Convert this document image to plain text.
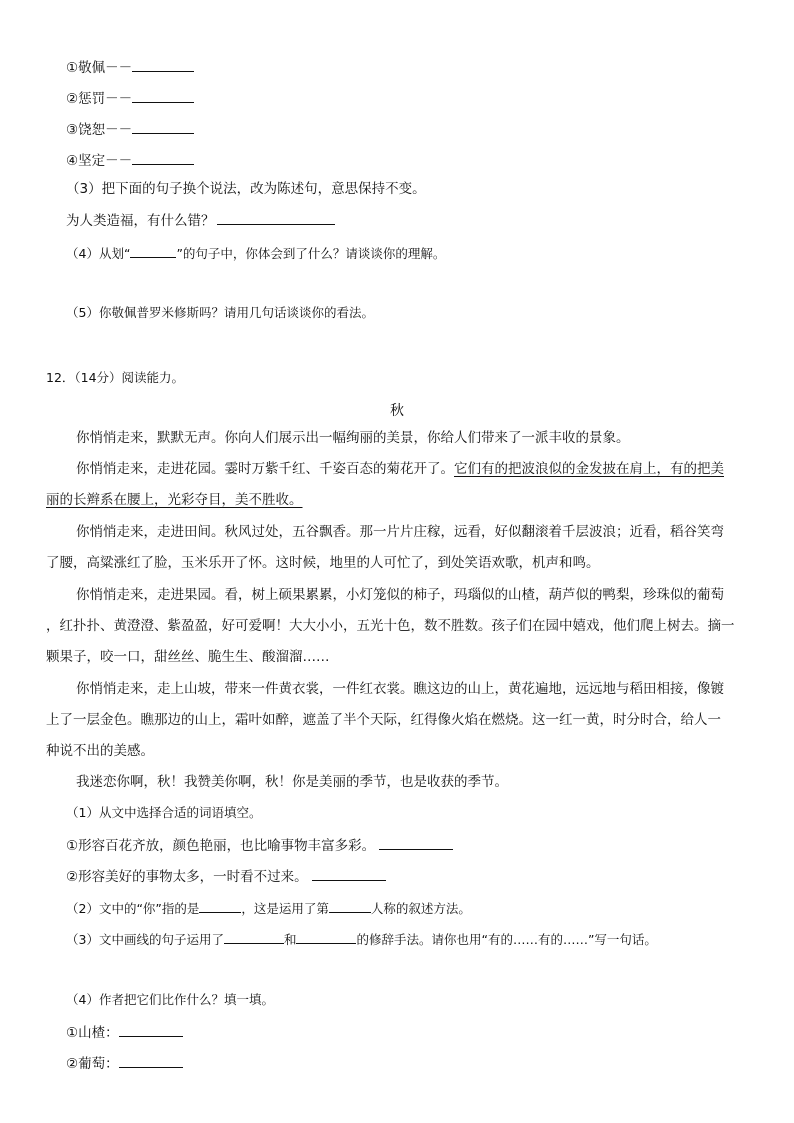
①敬佩－－
②惩罚－－
③饶恕－－
④坚定－－
（3）把下面的句子换个说法，改为陈述句，意思保持不变。
为人类造福，有什么错？
（4）从划“	”的句子中，你体会到了什么？请谈谈你的理解。
（5）你敬佩普罗米修斯吗？请用几句话谈谈你的看法。
12．（14分）阅读能力。
秋
你悄悄走来，默默无声。你向人们展示出一幅绚丽的美景，你给人们带来了一派丰收的景象。
你悄悄走来，走进花园。霎时万紫千红、千姿百态的菊花开了。它们有的把波浪似的金发披在肩上，有的把美
丽的长辫系在腰上，光彩夺目，美不胜收。
你悄悄走来，走进田间。秋风过处，五谷飘香。那一片片庄稼，远看，好似翻滚着千层波浪；近看，稻谷笑弯
了腰，高粱涨红了脸，玉米乐开了怀。这时候，地里的人可忙了，到处笑语欢歌，机声和鸣。
你悄悄走来，走进果园。看，树上硕果累累，小灯笼似的柿子，玛瑙似的山楂，葫芦似的鸭梨，珍珠似的葡萄
，红扑扑、黄澄澄、紫盈盈，好可爱啊！大大小小，五光十色，数不胜数。孩子们在园中嬉戏，他们爬上树去。摘一
颗果子，咬一口，甜丝丝、脆生生、酸溜溜……
你悄悄走来，走上山坡，带来一件黄衣裳，一件红衣裳。瞧这边的山上，黄花遍地，远远地与稻田相接，像镀
上了一层金色。瞧那边的山上，霜叶如醉，遮盖了半个天际，红得像火焰在燃烧。这一红一黄，时分时合，给人一
种说不出的美感。
我迷恋你啊，秋！我赞美你啊，秋！你是美丽的季节，也是收获的季节。
（1）从文中选择合适的词语填空。
①形容百花齐放，颜色艳丽，也比喻事物丰富多彩。
②形容美好的事物太多，一时看不过来。
（2）文中的“你”指的是	，这是运用了第	人称的叙述方法。
（3）文中画线的句子运用了	和	的修辞手法。请你也用“有的……有的……”写一句话。
（4）作者把它们比作什么？填一填。
①山楂：
②葡萄：
